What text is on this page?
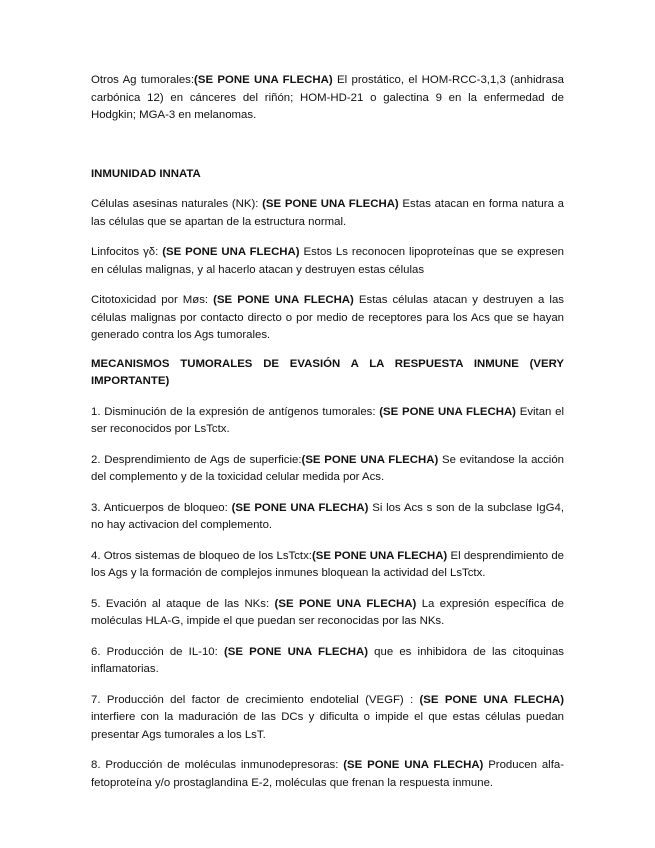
Otros Ag tumorales:(SE PONE UNA FLECHA) El prostático, el HOM-RCC-3,1,3 (anhidrasa carbónica 12) en cánceres del riñón; HOM-HD-21 o galectina 9 en la enfermedad de Hodgkin; MGA-3 en melanomas.

INMUNIDAD INNATA

Células asesinas naturales (NK): (SE PONE UNA FLECHA) Estas atacan en forma natura a las células que se apartan de la estructura normal.

Linfocitos γδ: (SE PONE UNA FLECHA) Estos Ls reconocen lipoproteínas que se expresen en células malignas, y al hacerlo atacan y destruyen estas células

Citotoxicidad por Møs: (SE PONE UNA FLECHA) Estas células atacan y destruyen a las células malignas por contacto directo o por medio de receptores para los Acs que se hayan generado contra los Ags tumorales.

MECANISMOS TUMORALES DE EVASIÓN A LA RESPUESTA INMUNE (VERY IMPORTANTE)

1. Disminución de la expresión de antígenos tumorales: (SE PONE UNA FLECHA) Evitan el ser reconocidos por LsTctx.

2. Desprendimiento de Ags de superficie:(SE PONE UNA FLECHA) Se evitandose la acción del complemento y de la toxicidad celular medida por Acs.

3. Anticuerpos de bloqueo: (SE PONE UNA FLECHA) Si los Acs s son de la subclase IgG4, no hay activacion del complemento.

4. Otros sistemas de bloqueo de los LsTctx:(SE PONE UNA FLECHA) El desprendimiento de los Ags y la formación de complejos inmunes bloquean la actividad del LsTctx.

5. Evación al ataque de las NKs: (SE PONE UNA FLECHA) La expresión específica de moléculas HLA-G, impide el que puedan ser reconocidas por las NKs.

6. Producción de IL-10: (SE PONE UNA FLECHA) que es inhibidora de las citoquinas inflamatorias.

7. Producción del factor de crecimiento endotelial (VEGF) : (SE PONE UNA FLECHA) interfiere con la maduración de las DCs y dificulta o impide el que estas células puedan presentar Ags tumorales a los LsT.

8. Producción de moléculas inmunodepresoras: (SE PONE UNA FLECHA) Producen alfa-fetoproteína y/o prostaglandina E-2, moléculas que frenan la respuesta inmune.
